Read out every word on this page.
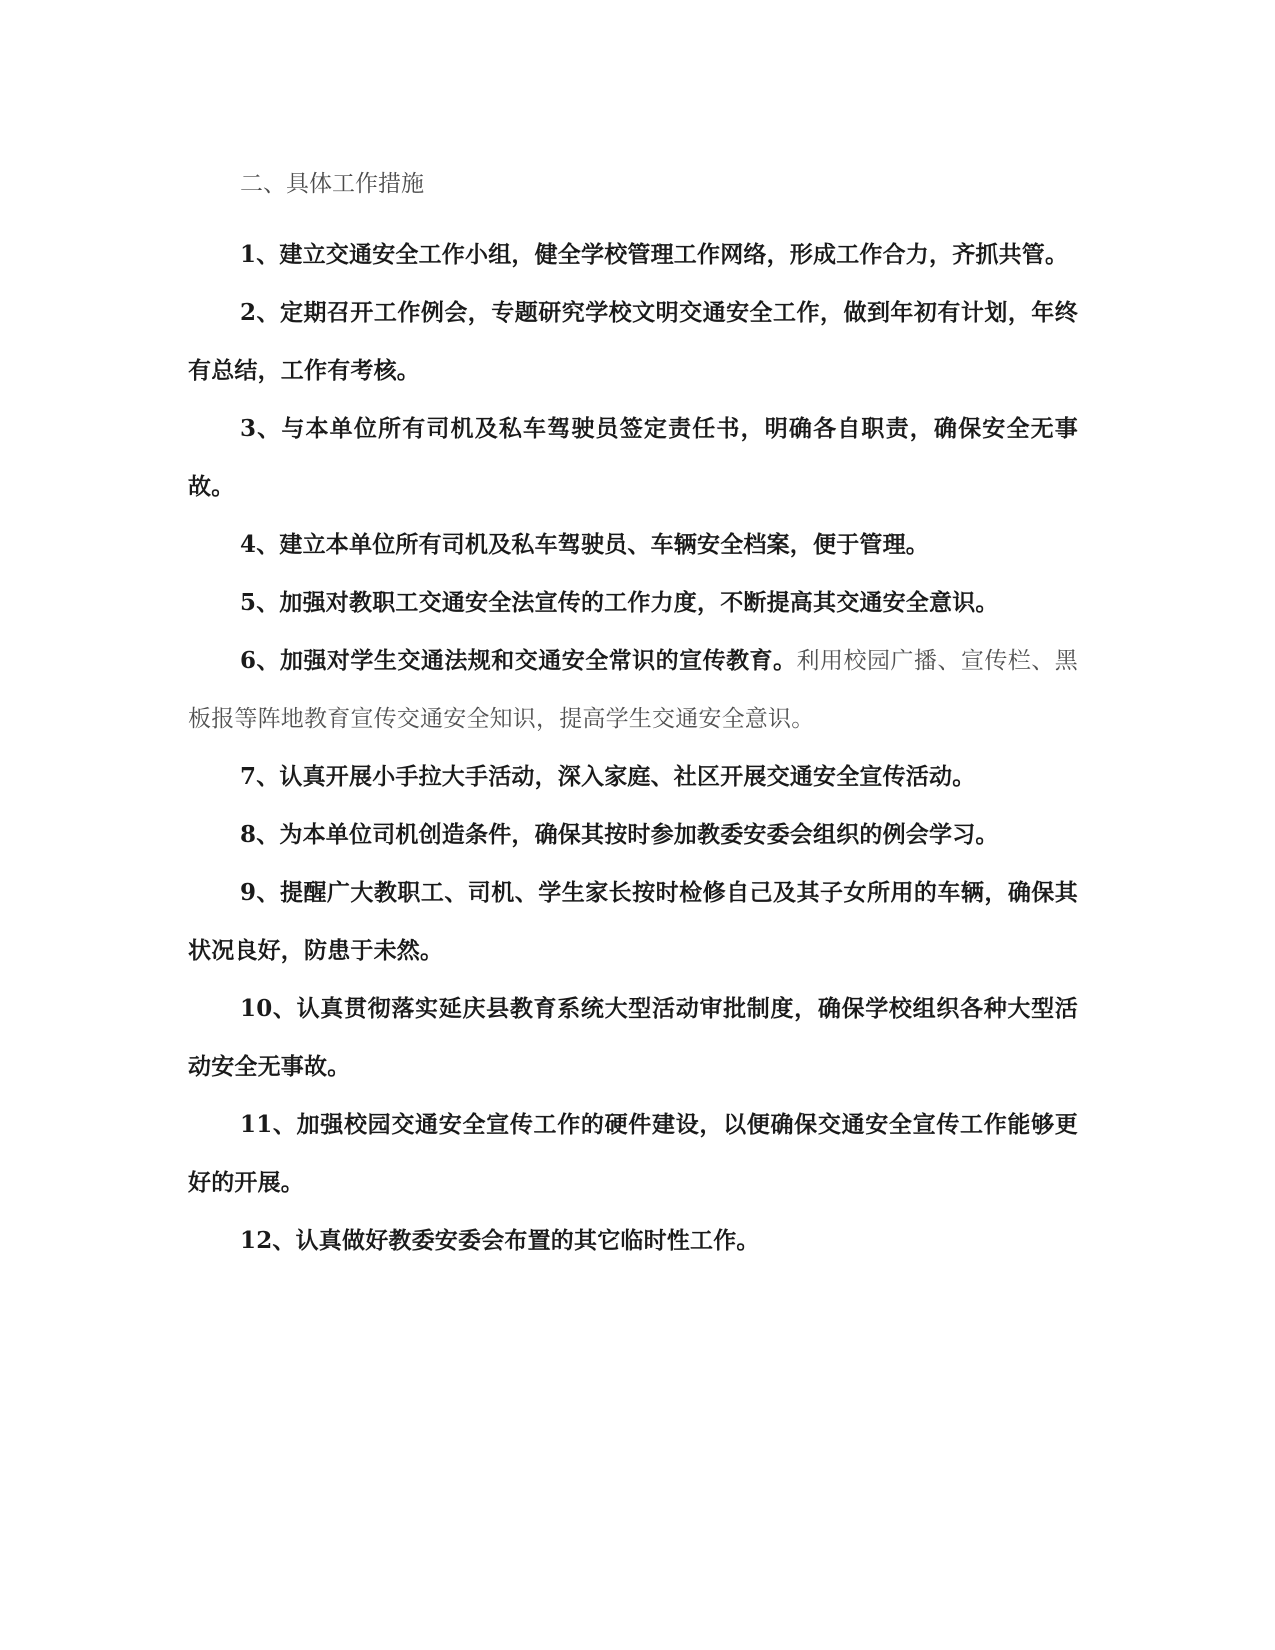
二、具体工作措施

1、建立交通安全工作小组，健全学校管理工作网络，形成工作合力，齐抓共管。

2、定期召开工作例会，专题研究学校文明交通安全工作，做到年初有计划，年终有总结，工作有考核。

3、与本单位所有司机及私车驾驶员签定责任书，明确各自职责，确保安全无事故。

4、建立本单位所有司机及私车驾驶员、车辆安全档案，便于管理。

5、加强对教职工交通安全法宣传的工作力度，不断提高其交通安全意识。

6、加强对学生交通法规和交通安全常识的宣传教育。利用校园广播、宣传栏、黑板报等阵地教育宣传交通安全知识，提高学生交通安全意识。

7、认真开展小手拉大手活动，深入家庭、社区开展交通安全宣传活动。

8、为本单位司机创造条件，确保其按时参加教委安委会组织的例会学习。

9、提醒广大教职工、司机、学生家长按时检修自己及其子女所用的车辆，确保其状况良好，防患于未然。

10、认真贯彻落实延庆县教育系统大型活动审批制度，确保学校组织各种大型活动安全无事故。

11、加强校园交通安全宣传工作的硬件建设，以便确保交通安全宣传工作能够更好的开展。

12、认真做好教委安委会布置的其它临时性工作。
